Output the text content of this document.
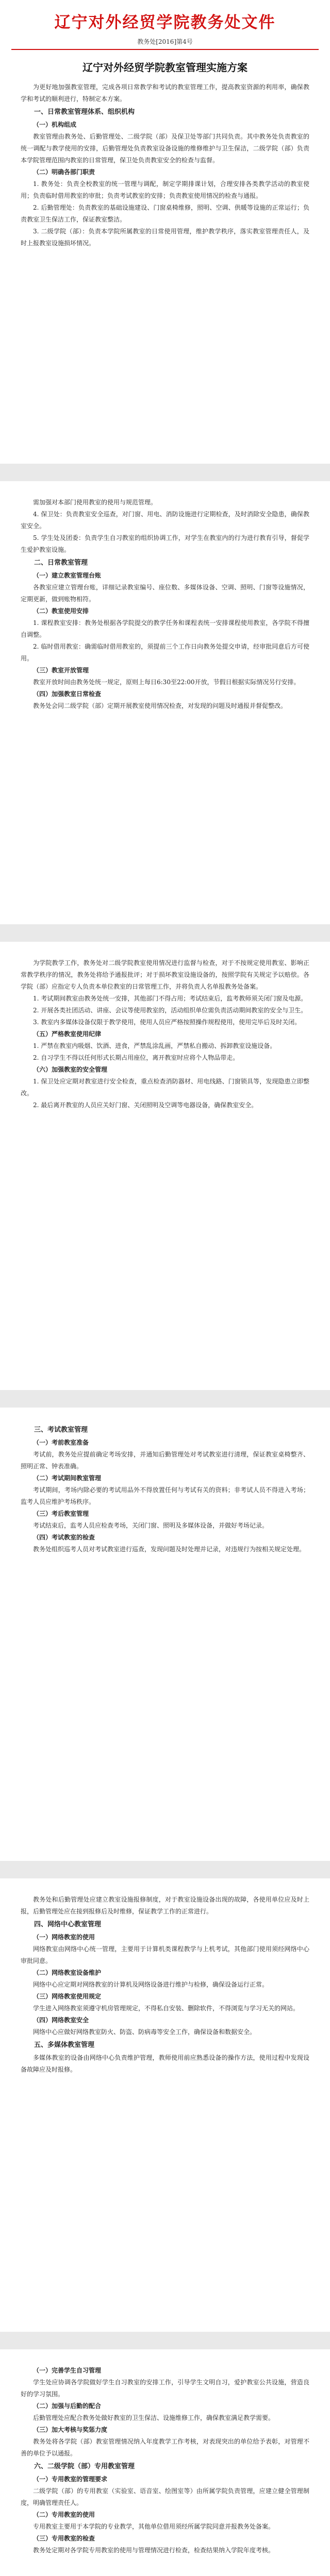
辽宁对外经贸学院教务处文件
教务处[2016]第4号
辽宁对外经贸学院教室管理实施方案

为更好地加强教室管理，完成各项日常教学和考试的教室管理工作，提高教室资源的利用率，确保教学和考试的顺利进行，特制定本方案。

一、日常教室管理体系、组织机构

（一）机构组成

教室管理由教务处、后勤管理处、二级学院（部）及保卫处等部门共同负责。其中教务处负责教室的统一调配与教学使用的安排，后勤管理处负责教室设备设施的维修维护与卫生保洁，二级学院（部）负责本学院管理范围内教室的日常管理，保卫处负责教室安全的检查与监督。

（二）明确各部门职责

1. 教务处：负责全校教室的统一管理与调配，制定学期排课计划，合理安排各类教学活动的教室使用；负责临时借用教室的审批；负责考试教室的安排；负责教室使用情况的检查与通报。

2. 后勤管理处：负责教室的基础设施建设、门窗桌椅维修，照明、空调、供暖等设施的正常运行；负责教室卫生保洁工作，保证教室整洁。

3. 二级学院（部）：负责本学院所属教室的日常使用管理，维护教学秩序，落实教室管理责任人，及时上报教室设施损坏情况。

需加强对本部门使用教室的使用与规范管理。

4. 保卫处：负责教室安全巡查，对门窗、用电、消防设施进行定期检查，及时消除安全隐患，确保教室安全。

5. 学生处及团委：负责学生自习教室的组织协调工作，对学生在教室内的行为进行教育引导，督促学生爱护教室设施。

二、日常教室管理

（一）建立教室管理台账

各教室应建立管理台账，详细记录教室编号、座位数、多媒体设备、空调、照明、门窗等设施情况，定期更新，做到账物相符。

（二）教室使用安排

1. 课程教室安排：教务处根据各学院提交的教学任务和课程表统一安排课程使用教室，各学院不得擅自调整。

2. 临时借用教室：确需临时借用教室的，须提前三个工作日向教务处提交申请，经审批同意后方可使用。

（三）教室开放管理

教室开放时间由教务处统一规定，原则上每日6:30至22:00开放，节假日根据实际情况另行安排。

（四）加强教室日常检查

教务处会同二级学院（部）定期开展教室使用情况检查，对发现的问题及时通报并督促整改。

为学院教学工作，教务处对二级学院教室使用情况进行监督与检查，对于不按规定使用教室、影响正常教学秩序的情况，教务处将给予通报批评；对于损坏教室设施设备的，按照学院有关规定予以赔偿。各学院（部）应指定专人负责本单位教室的日常管理工作，并将负责人名单报教务处备案。

1. 考试期间教室由教务处统一安排，其他部门不得占用；考试结束后，监考教师须关闭门窗及电源。

2. 开展各类社团活动、讲座、会议等使用教室的，活动组织单位需负责活动期间教室的安全与卫生。

3. 教室内多媒体设备仅限于教学使用，使用人员应严格按照操作规程使用，使用完毕后及时关闭。

（五）严格教室使用纪律

1. 严禁在教室内吸烟、饮酒、进食，严禁乱涂乱画，严禁私自搬动、拆卸教室设施设备。

2. 自习学生不得以任何形式长期占用座位，离开教室时应将个人物品带走。

（六）加强教室的安全管理

1. 保卫处应定期对教室进行安全检查，重点检查消防器材、用电线路、门窗锁具等，发现隐患立即整改。

2. 最后离开教室的人员应关好门窗、关闭照明及空调等电器设备，确保教室安全。

三、考试教室管理

（一）考前教室准备

考试前，教务处应提前确定考场安排，并通知后勤管理处对考试教室进行清理，保证教室桌椅整齐、照明正常、钟表准确。

（二）考试期间教室管理

考试期间，考场内除必要的考试用品外不得放置任何与考试有关的资料；非考试人员不得进入考场；监考人员应维护考场秩序。

（三）考后教室管理

考试结束后，监考人员应检查考场，关闭门窗、照明及多媒体设备，并做好考场记录。

（四）考试教室的检查

教务处组织巡考人员对考试教室进行巡查，发现问题及时处理并记录，对违规行为按相关规定处理。

教务处和后勤管理处应建立教室设施报修制度，对于教室设施设备出现的故障，各使用单位应及时上报，后勤管理处应在接到报修后及时维修，保证教学工作的正常进行。

四、网络中心教室管理

（一）网络教室的使用

网络教室由网络中心统一管理，主要用于计算机类课程教学与上机考试，其他部门使用须经网络中心审批同意。

（二）网络教室设备维护

网络中心应定期对网络教室的计算机及网络设备进行维护与检修，确保设备运行正常。

（三）网络教室使用规定

学生进入网络教室须遵守机房管理规定，不得私自安装、删除软件，不得浏览与学习无关的网站。

（四）网络教室安全

网络中心应做好网络教室防火、防盗、防病毒等安全工作，确保设备和数据安全。

五、多媒体教室管理

多媒体教室的设备由网络中心负责维护管理，教师使用前应熟悉设备的操作方法，使用过程中发现设备故障应及时报修。

（一）完善学生自习管理

学生处应协调各学院做好学生自习教室的安排工作，引导学生文明自习，爱护教室公共设施，营造良好的学习氛围。

（二）加强与后勤的配合

后勤管理处应配合教务处做好教室的卫生保洁、设施维修工作，确保教室满足教学需要。

（三）加大考核与奖惩力度

教务处将各学院（部）教室管理情况纳入年度教学工作考核，对表现突出的单位给予表彰，对管理不善的单位予以通报。

六、二级学院（部）专用教室管理

（一）专用教室的管理要求

二级学院（部）的专用教室（实验室、语音室、绘图室等）由所属学院负责管理，应建立健全管理制度，明确管理责任人。

（二）专用教室的使用

专用教室主要用于本学院的专业教学，其他单位借用须经所属学院同意并报教务处备案。

（三）专用教室的检查

教务处定期对各学院专用教室的使用与管理情况进行检查，检查结果纳入学院年度考核。
